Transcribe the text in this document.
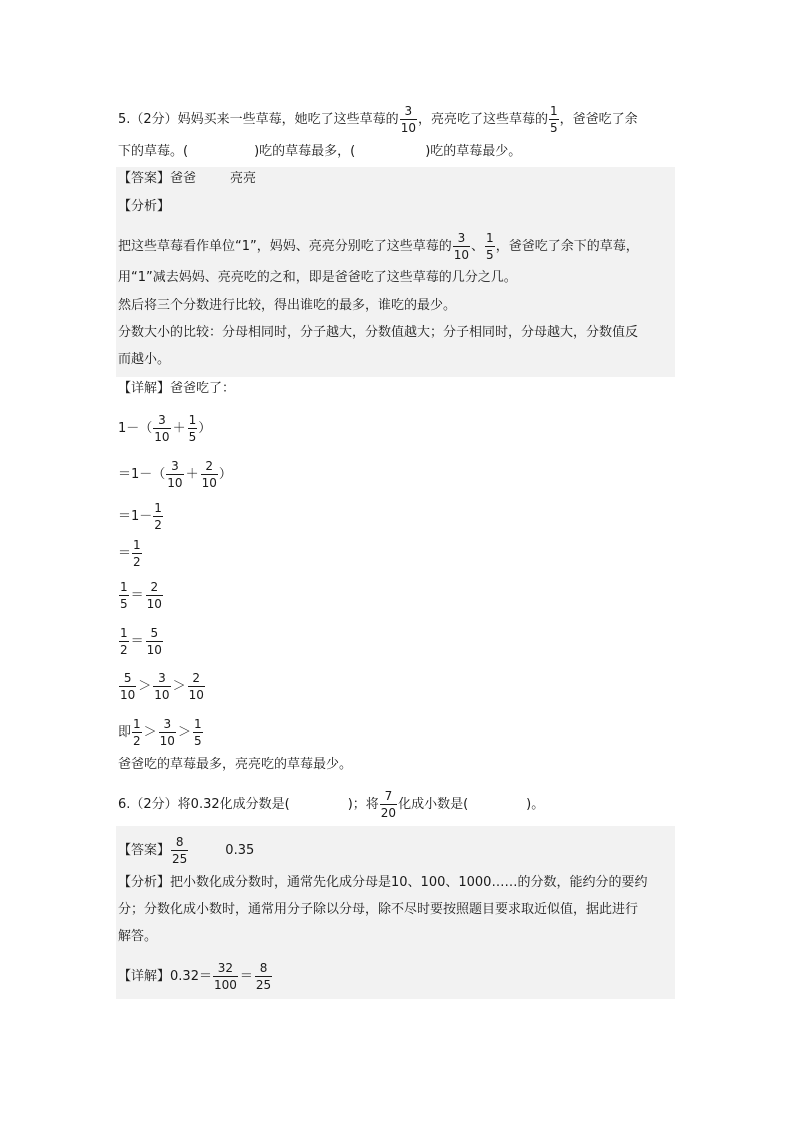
5.（2分）妈妈买来一些草莓，她吃了这些草莓的 $\frac{3}{10}$ ，亮亮吃了这些草莓的 $\frac{1}{5}$ ，爸爸吃了余
下的草莓。(	)吃的草莓最多，(	)吃的草莓最少。
【答案】 爸爸	亮亮
【分析】
把这些草莓看作单位“1”，妈妈、亮亮分别吃了这些草莓的 $\frac{3}{10}$ 、 $\frac{1}{5}$ ，爸爸吃了余下的草莓，
用“1”减去妈妈、亮亮吃的之和，即是爸爸吃了这些草莓的几分之几。
然后将三个分数进行比较，得出谁吃的最多，谁吃的最少。
分数大小的比较：分母相同时，分子越大，分数值越大；分子相同时，分母越大，分数值反
而越小。
【详解】 爸爸吃了：
$1-( \frac{3}{10} + \frac{1}{5}$ ）
$=1-( \frac{3}{10} + \frac{2}{10}$ ）
$=1- \frac{1}{2}$
＝ $\frac{1}{2}$
$\frac{1}{5} = \frac{2}{10}$
$\frac{1}{2} = \frac{5}{10}$
$\frac{5}{10} > \frac{3}{10} > \frac{2}{10}$
即 $\frac{1}{2} > \frac{3}{10} > \frac{1}{5}$
爸爸吃的草莓最多，亮亮吃的草莓最少。
6.（2分）将0.32化成分数是(	)；将 $\frac{7}{20}$ 化成小数是(	)。
【答案】 $\frac{8}{25}$	0.35
【分析】 把小数化成分数时，通常先化成分母是10、100、1000……的分数，能约分的要约
分；分数化成小数时，通常用分子除以分母，除不尽时要按照题目要求取近似值，据此进行
解答。
【详解】 $0.32= \frac{32}{100} = \frac{8}{25}$
